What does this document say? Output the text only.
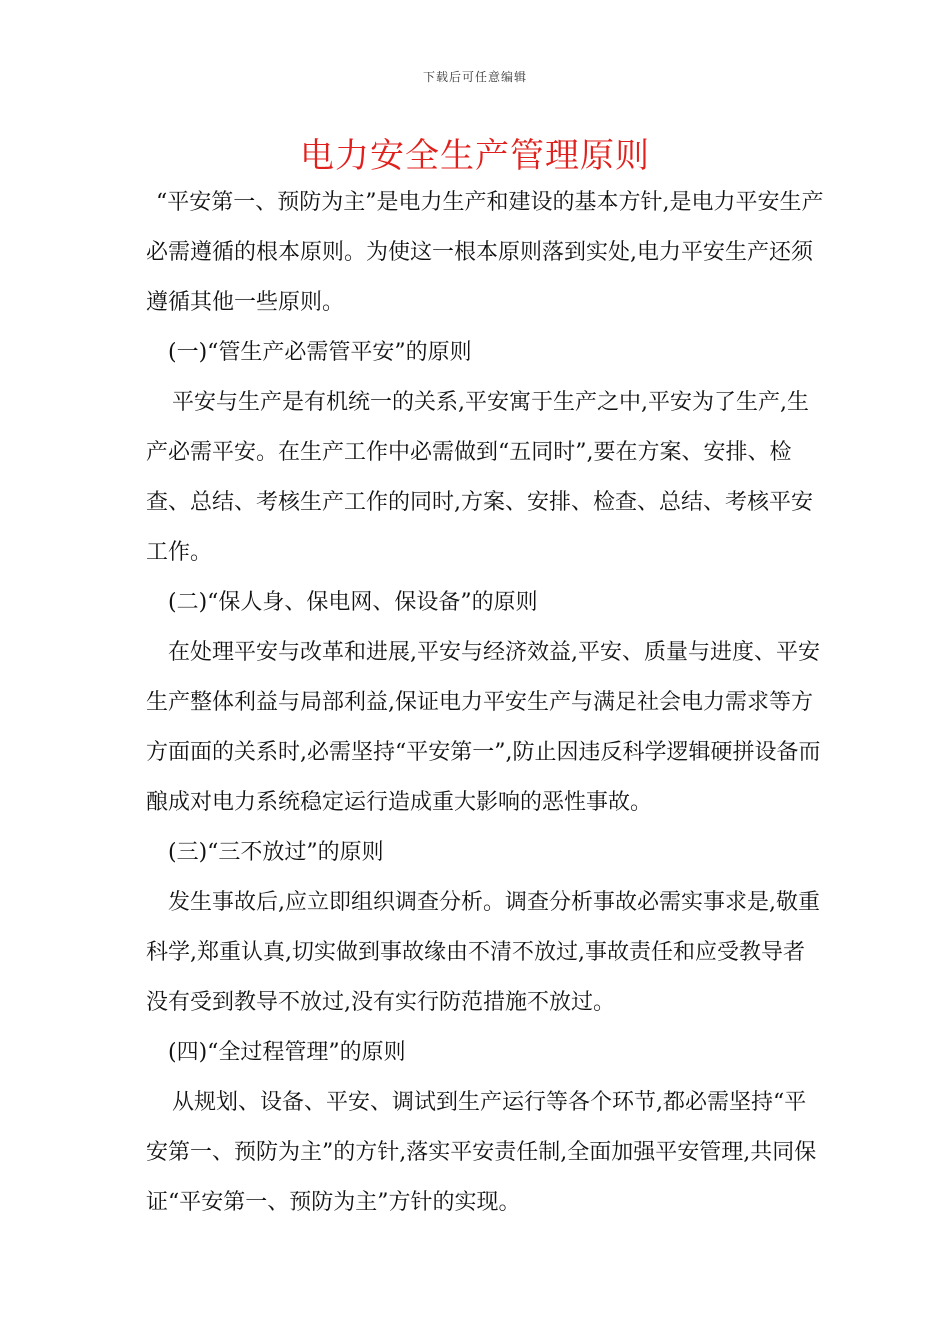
下载后可任意编辑
电力安全生产管理原则

“平安第一、预防为主”是电力生产和建设的基本方针,是电力平安生产必需遵循的根本原则。为使这一根本原则落到实处,电力平安生产还须遵循其他一些原则。

(一)“管生产必需管平安”的原则

平安与生产是有机统一的关系,平安寓于生产之中,平安为了生产,生产必需平安。在生产工作中必需做到“五同时”,要在方案、安排、检查、总结、考核生产工作的同时,方案、安排、检查、总结、考核平安工作。

(二)“保人身、保电网、保设备”的原则

在处理平安与改革和进展,平安与经济效益,平安、质量与进度、平安生产整体利益与局部利益,保证电力平安生产与满足社会电力需求等方方面面的关系时,必需坚持“平安第一”,防止因违反科学逻辑硬拼设备而酿成对电力系统稳定运行造成重大影响的恶性事故。

(三)“三不放过”的原则

发生事故后,应立即组织调查分析。调查分析事故必需实事求是,敬重科学,郑重认真,切实做到事故缘由不清不放过,事故责任和应受教导者没有受到教导不放过,没有实行防范措施不放过。

(四)“全过程管理”的原则

从规划、设备、平安、调试到生产运行等各个环节,都必需坚持“平安第一、预防为主”的方针,落实平安责任制,全面加强平安管理,共同保证“平安第一、预防为主”方针的实现。
